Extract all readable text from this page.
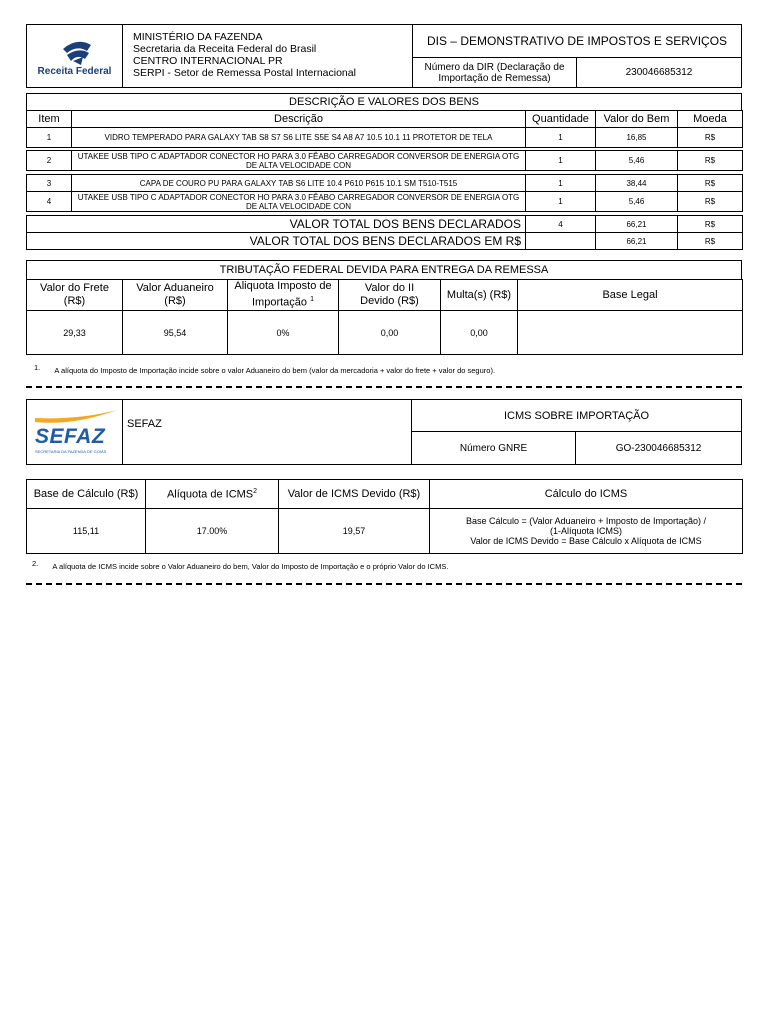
Receita Federal
MINISTÉRIO DA FAZENDA
Secretaria da Receita Federal do Brasil
CENTRO INTERNACIONAL PR
SERPI - Setor de Remessa Postal Internacional
DIS – DEMONSTRATIVO DE IMPOSTOS E SERVIÇOS
Número da DIR (Declaração de Importação de Remessa)	230046685312
DESCRIÇÃO E VALORES DOS BENS
Item	Descrição	Quantidade	Valor do Bem	Moeda
1	VIDRO TEMPERADO PARA GALAXY TAB S8 S7 S6 LITE S5E S4 A8 A7 10.5 10.1 11 PROTETOR DE TELA	1	16,85	R$
2	UTAKEE USB TIPO C ADAPTADOR CONECTOR HO PARA 3.0 FÊABO CARREGADOR CONVERSOR DE ENERGIA OTG DE ALTA VELOCIDADE CON	1	5,46	R$
3	CAPA DE COURO PU PARA GALAXY TAB S6 LITE 10.4 P610 P615 10.1 SM T510-T515	1	38,44	R$
4	UTAKEE USB TIPO C ADAPTADOR CONECTOR HO PARA 3.0 FÊABO CARREGADOR CONVERSOR DE ENERGIA OTG DE ALTA VELOCIDADE CON	1	5,46	R$
VALOR TOTAL DOS BENS DECLARADOS	4	66,21	R$
VALOR TOTAL DOS BENS DECLARADOS EM R$		66,21	R$
TRIBUTAÇÃO FEDERAL DEVIDA PARA ENTREGA DA REMESSA
Valor do Frete (R$)	Valor Aduaneiro (R$)	Aliquota Imposto de Importação $^1$	Valor do II Devido (R$)	Multa(s) (R$)	Base Legal
29,33	95,54	0%	0,00	0,00	
1. A alíquota do Imposto de Importação incide sobre o valor Aduaneiro do bem (valor da mercadoria + valor do frete + valor do seguro).
SEFAZ
SECRETARIA DA FAZENDA DE GOIÁS
SEFAZ
ICMS SOBRE IMPORTAÇÃO
Número GNRE	GO-230046685312
Base de Cálculo (R$)	Alíquota de ICMS$^2$	Valor de ICMS Devido (R$)	Cálculo do ICMS
115,11	17.00%	19,57	Base Cálculo = (Valor Aduaneiro + Imposto de Importação) /
(1-Alíquota ICMS)
Valor de ICMS Devido = Base Cálculo x Alíquota de ICMS
2. A alíquota de ICMS incide sobre o Valor Aduaneiro do bem, Valor do Imposto de Importação e o próprio Valor do ICMS.
